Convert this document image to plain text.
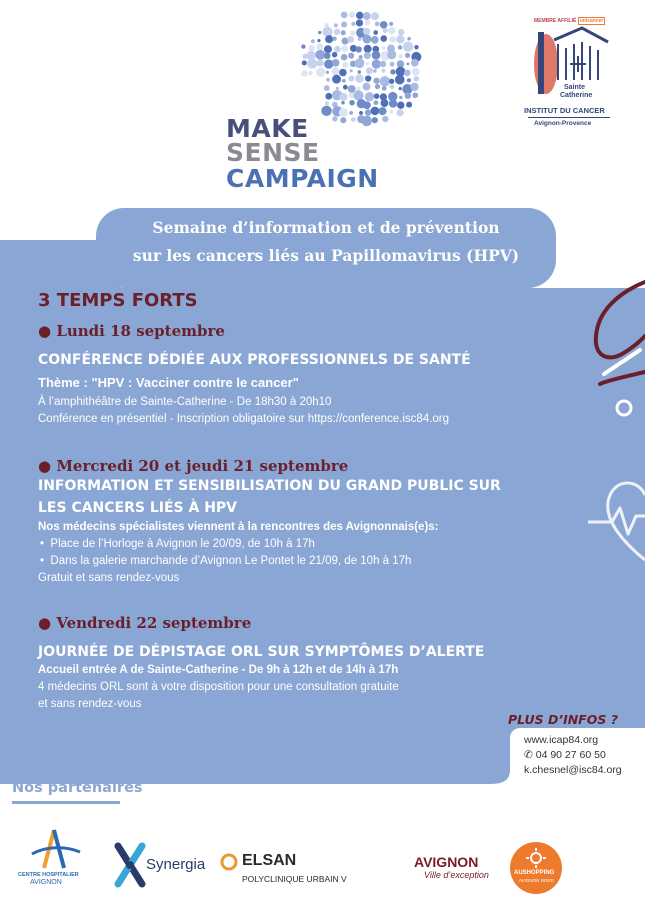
MAKE
SENSE
CAMPAIGN
MEMBRE AFFILIÉ unicancer
Sainte
Catherine
INSTITUT DU CANCER
Avignon-Provence
Semaine d’information et de prévention
sur les cancers liés au Papillomavirus (HPV)
3 TEMPS FORTS
● Lundi 18 septembre
CONFÉRENCE DÉDIÉE AUX PROFESSIONNELS DE SANTÉ
Thème : "HPV : Vacciner contre le cancer"
À l’amphithéâtre de Sainte-Catherine - De 18h30 à 20h10
Conférence en présentiel - Inscription obligatoire sur https://conference.isc84.org
● Mercredi 20 et jeudi 21 septembre
INFORMATION ET SENSIBILISATION DU GRAND PUBLIC SUR
LES CANCERS LIÉS À HPV
Nos médecins spécialistes viennent à la rencontres des Avignonnais(e)s:
• Place de l’Horloge à Avignon le 20/09, de 10h à 17h
• Dans la galerie marchande d’Avignon Le Pontet le 21/09, de 10h à 17h
Gratuit et sans rendez-vous
● Vendredi 22 septembre
JOURNÉE DE DÉPISTAGE ORL SUR SYMPTÔMES D’ALERTE
Accueil entrée A de Sainte-Catherine - De 9h à 12h et de 14h à 17h
4 médecins ORL sont à votre disposition pour une consultation gratuite
et sans rendez-vous
PLUS D’INFOS ?
www.icap84.org
✆ 04 90 27 60 50
k.chesnel@isc84.org
Nos partenaires
CENTRE HOSPITALIER
AVIGNON
Synergia ELSAN
POLYCLINIQUE URBAIN V
AVIGNON
Ville d’exception	AUSHOPPING
AVIGNON NORD
